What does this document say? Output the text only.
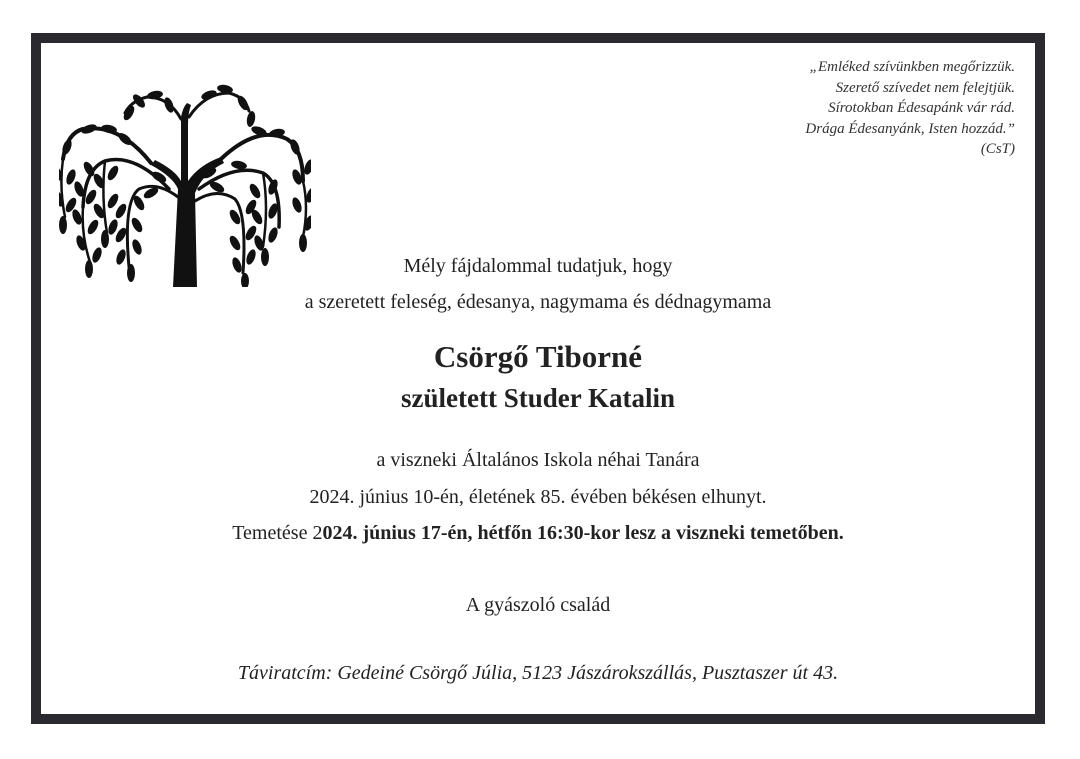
„Emléked szívünkben megőrizzük.
Szerető szívedet nem felejtjük.
Sírotokban Édesapánk vár rád.
Drága Édesanyánk, Isten hozzád.”
(CsT)
Mély fájdalommal tudatjuk, hogy
a szeretett feleség, édesanya, nagymama és dédnagymama
Csörgő Tiborné
született Studer Katalin
a viszneki Általános Iskola néhai Tanára
2024. június 10-én, életének 85. évében békésen elhunyt.
Temetése 2024. június 17-én, hétfőn 16:30-kor lesz a viszneki temetőben.
A gyászoló család
Táviratcím: Gedeiné Csörgő Júlia, 5123 Jászárokszállás, Pusztaszer út 43.
